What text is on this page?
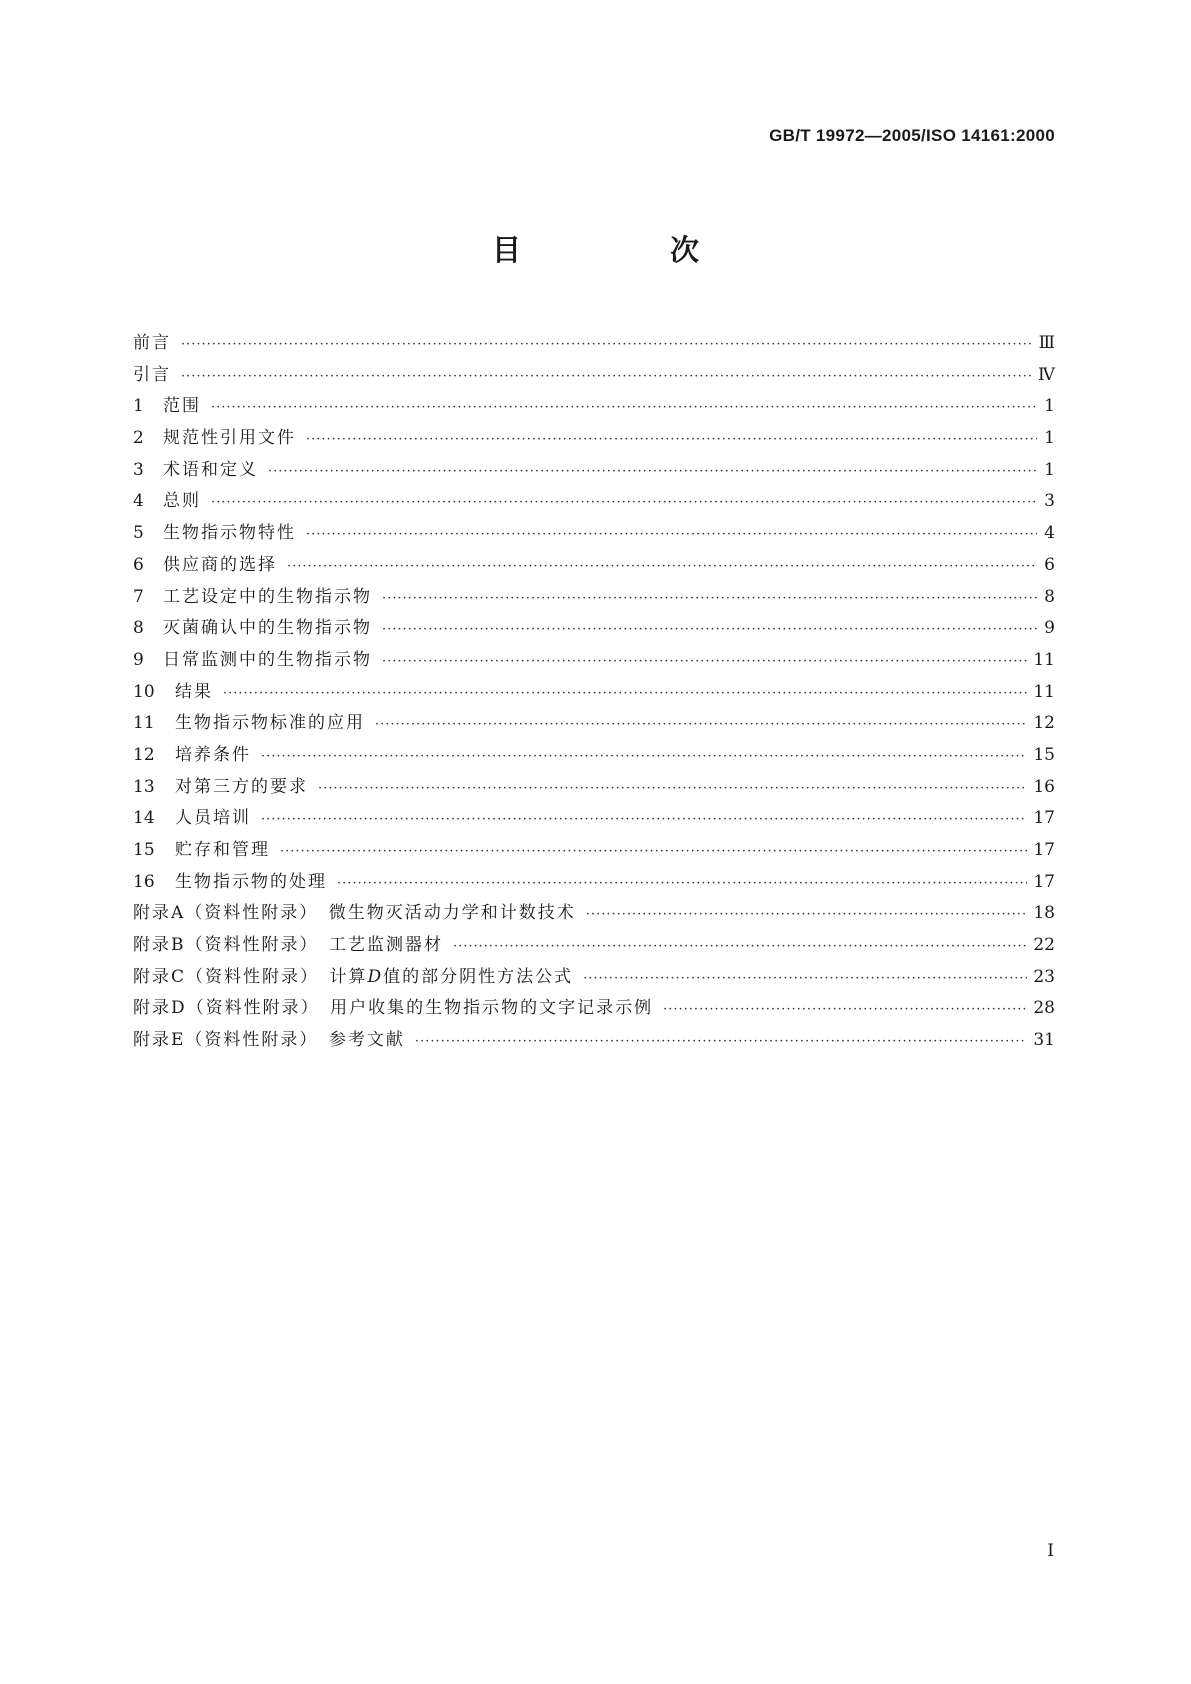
GB/T 19972—2005/ISO 14161:2000
目　次
前言 ·····	Ⅲ
引言 ·····	Ⅳ
1	范围 ·····	1
2	规范性引用文件 ·····	1
3	术语和定义 ·····	1
4	总则 ·····	3
5	生物指示物特性 ·····	4
6	供应商的选择 ·····	6
7	工艺设定中的生物指示物 ·····	8
8	灭菌确认中的生物指示物 ·····	9
9	日常监测中的生物指示物 ·····	11
10	结果 ·····	11
11	生物指示物标准的应用 ·····	12
12	培养条件 ·····	15
13	对第三方的要求 ·····	16
14	人员培训 ·····	17
15	贮存和管理 ·····	17
16	生物指示物的处理 ·····	17
附录A（资料性附录）　微生物灭活动力学和计数技术 ·····	18
附录B（资料性附录）　工艺监测器材 ·····	22
附录C（资料性附录）　计算D值的部分阴性方法公式 ·····	23
附录D（资料性附录）　用户收集的生物指示物的文字记录示例 ·····	28
附录E（资料性附录）　参考文献 ·····	31
I
